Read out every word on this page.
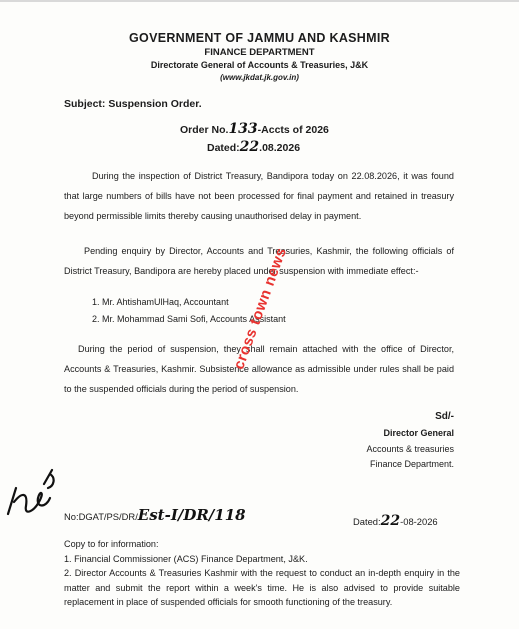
GOVERNMENT OF JAMMU AND KASHMIR
FINANCE DEPARTMENT
Directorate General of Accounts & Treasuries, J&K
(www.jkdat.jk.gov.in)
Subject: Suspension Order.
Order No.133-Accts of 2026
Dated:22.08.2026
During the inspection of District Treasury, Bandipora today on 22.08.2026, it was found that large numbers of bills have not been processed for final payment and retained in treasury beyond permissible limits thereby causing unauthorised delay in payment.
Pending enquiry by Director, Accounts and Treasuries, Kashmir, the following officials of District Treasury, Bandipora are hereby placed under suspension with immediate effect:-
1. Mr. AhtishamUlHaq, Accountant
2. Mr. Mohammad Sami Sofi, Accounts Assistant
During the period of suspension, they shall remain attached with the office of Director, Accounts & Treasuries, Kashmir. Subsistence allowance as admissible under rules shall be paid to the suspended officials during the period of suspension.
Sd/-
Director General
Accounts & treasuries
Finance Department.
No:DGAT/PS/DR/Est-I/DR/118	Dated:22-08-2026
Copy to for information:
1. Financial Commissioner (ACS) Finance Department, J&K.
2. Director Accounts & Treasuries Kashmir with the request to conduct an in-depth enquiry in the matter and submit the report within a week's time. He is also advised to provide suitable replacement in place of suspended officials for smooth functioning of the treasury.
cross town news
